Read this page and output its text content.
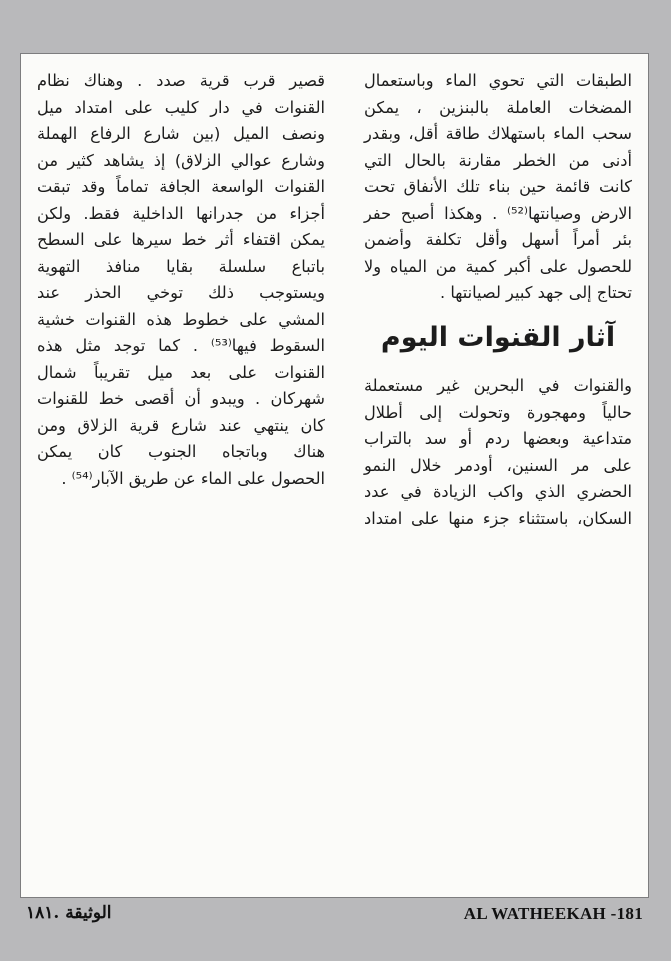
الطبقات التي تحوي الماء وباستعمال
المضخات العاملة بالبنزين ، يمكن
سحب الماء باستهلاك طاقة أقل، وبقدر
أدنى من الخطر مقارنة بالحال التي
كانت قائمة حين بناء تلك الأنفاق تحت
الارض وصيانتها⁽⁵²⁾ . وهكذا أصبح حفر
بئر أمراً أسهل وأقل تكلفة وأضمن
للحصول على أكبر كمية من المياه ولا
تحتاج إلى جهد كبير لصيانتها .

آثار القنوات اليوم

والقنوات في البحرين غير مستعملة
حالياً ومهجورة وتحولت إلى أطلال
متداعية وبعضها ردم أو سد بالتراب
على مر السنين، أودمر خلال النمو
الحضري الذي واكب الزيادة في عدد
السكان، باستثناء جزء منها على امتداد

قصير قرب قرية صدد . وهناك نظام
القنوات في دار كليب على امتداد ميل
ونصف الميل (بين شارع الرفاع الهملة
وشارع عوالي الزلاق) إذ يشاهد كثير من
القنوات الواسعة الجافة تماماً وقد تبقت
أجزاء من جدرانها الداخلية فقط. ولكن
يمكن اقتفاء أثر خط سيرها على السطح
باتباع سلسلة بقايا منافذ التهوية
ويستوجب ذلك توخي الحذر عند
المشي على خطوط هذه القنوات خشية
السقوط فيها⁽⁵³⁾ . كما توجد مثل هذه
القنوات على بعد ميل تقريباً شمال
شهركان . ويبدو أن أقصى خط للقنوات
كان ينتهي عند شارع قرية الزلاق ومن
هناك وباتجاه الجنوب كان يمكن
الحصول على الماء عن طريق الآبار⁽⁵⁴⁾ .

الوثيقة .١٨١	AL WATHEEKAH -181
